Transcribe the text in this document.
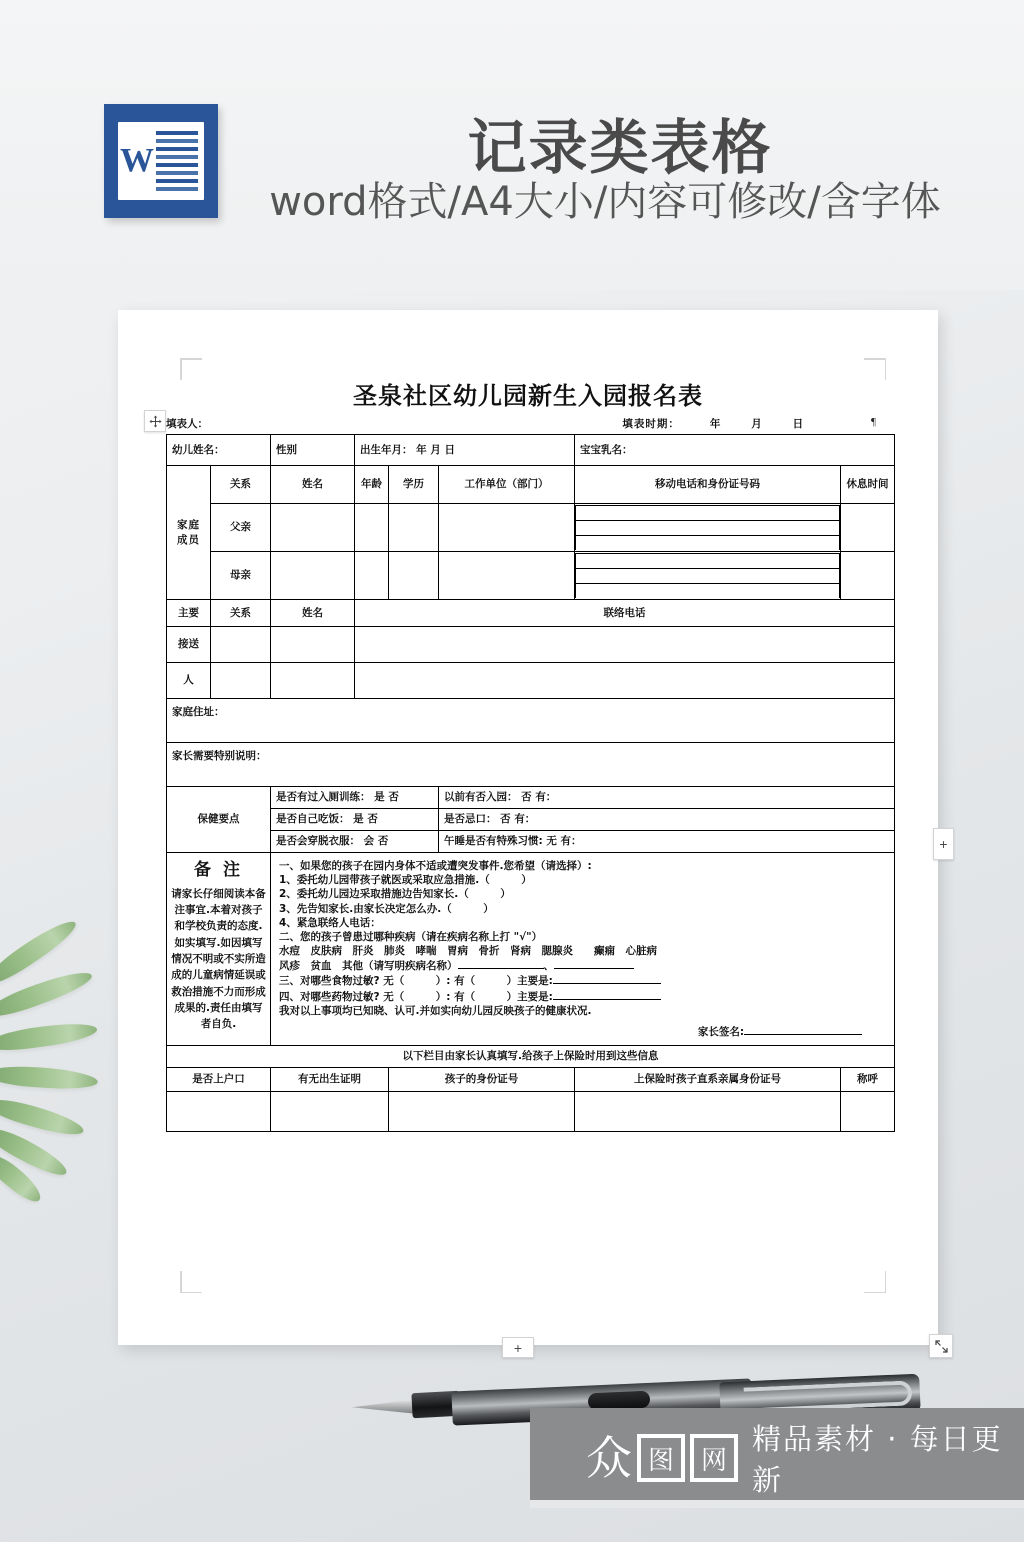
W	记录类表格
word格式/A4大小/内容可修改/含字体
圣泉社区幼儿园新生入园报名表
¶
填表人：	填表时期：	年	月	日
+
+
幼儿姓名：	性别	出生年月： 年 月 日	宝宝乳名：
家庭成员	关系	姓名	年龄	学历	工作单位（部门）	移动电话和身份证号码	休息时间
父亲					

母亲					

主要	关系	姓名	联络电话
接送			
人			
家庭住址：
家长需要特别说明：
保健要点	是否有过入厕训练： 是 否	以前有否入园： 否 有：
是否自己吃饭： 是 否	是否忌口： 否 有：
是否会穿脱衣服： 会 否	午睡是否有特殊习惯: 无 有：

备 注
请家长仔细阅读本备注事宜.本着对孩子和学校负责的态度.如实填写.如因填写情况不明或不实所造成的儿童病情延误或救治措施不力而形成成果的.责任由填写者自负.

一、如果您的孩子在园内身体不适或遭突发事件.您希望（请选择）:
1、委托幼儿园带孩子就医或采取应急措施.（　　　）
2、委托幼儿园边采取措施边告知家长.（　　　）
3、先告知家长.由家长决定怎么办.（　　　）
4、紧急联络人电话：
二、您的孩子曾患过哪种疾病（请在疾病名称上打 "√"）
水痘　皮肤病　肝炎　肺炎　哮喘　胃病　骨折　肾病　腮腺炎　　癫痫　心脏病
风疹　贫血　其他（请写明疾病名称）	、
三、对哪些食物过敏? 无（　　　）: 有（　　　）主要是:
四、对哪些药物过敏? 无（　　　）: 有（　　　）主要是:
我对以上事项均已知晓、认可.并如实向幼儿园反映孩子的健康状况.
家长签名:

以下栏目由家长认真填写.给孩子上保险时用到这些信息
是否上户口	有无出生证明	孩子的身份证号	上保险时孩子直系亲属身份证号	称呼

众 图	网
精品素材 · 每日更新
